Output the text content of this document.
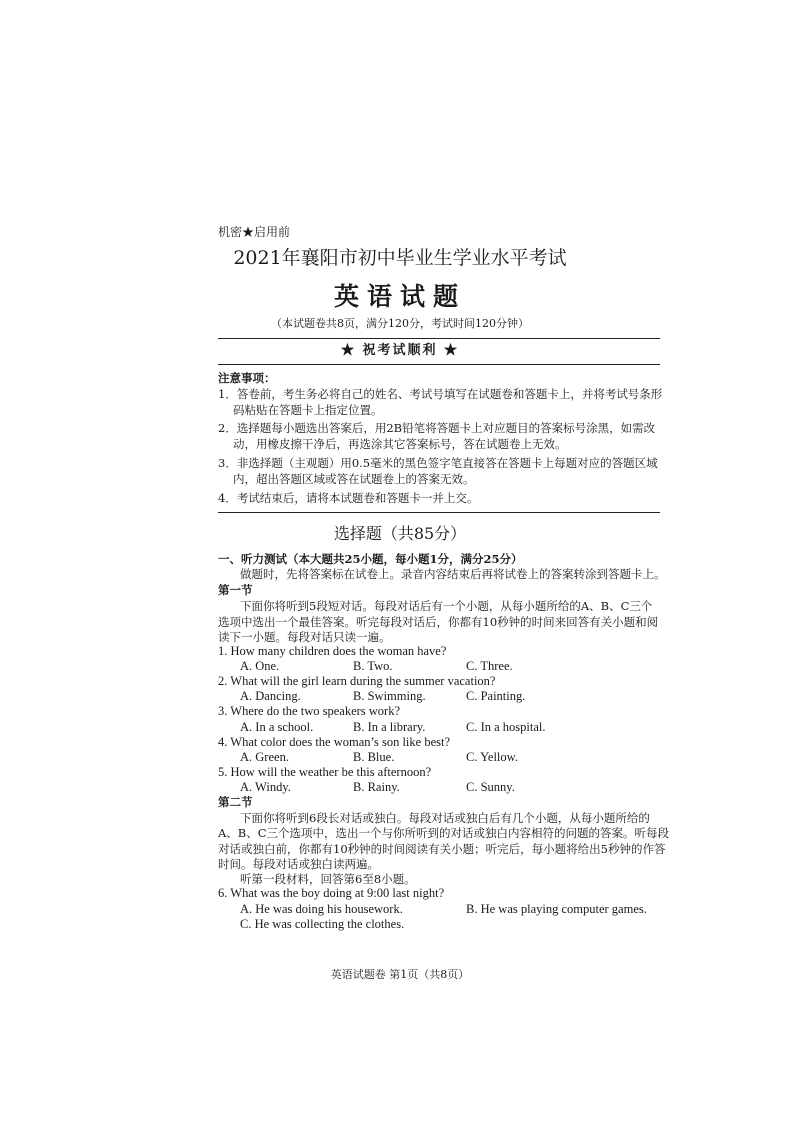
机密★启用前
2021年襄阳市初中毕业生学业水平考试
英语试题
（本试题卷共8页，满分120分，考试时间120分钟）
★ 祝考试顺利 ★
注意事项：
1．答卷前，考生务必将自己的姓名、考试号填写在试题卷和答题卡上，并将考试号条形
码粘贴在答题卡上指定位置。
2．选择题每小题选出答案后，用2B铅笔将答题卡上对应题目的答案标号涂黑，如需改
动，用橡皮擦干净后，再选涂其它答案标号，答在试题卷上无效。
3．非选择题（主观题）用0.5毫米的黑色签字笔直接答在答题卡上每题对应的答题区域
内，超出答题区域或答在试题卷上的答案无效。
4．考试结束后，请将本试题卷和答题卡一并上交。
选择题（共85分）
一、听力测试（本大题共25小题，每小题1分，满分25分）
做题时，先将答案标在试卷上。录音内容结束后再将试卷上的答案转涂到答题卡上。
第一节
下面你将听到5段短对话。每段对话后有一个小题，从每小题所给的A、B、C三个
选项中选出一个最佳答案。听完每段对话后，你都有10秒钟的时间来回答有关小题和阅
读下一小题。每段对话只读一遍。
1. How many children does the woman have?
A. One.	B. Two.	C. Three.
2. What will the girl learn during the summer vacation?
A. Dancing.	B. Swimming.	C. Painting.
3. Where do the two speakers work?
A. In a school.	B. In a library.	C. In a hospital.
4. What color does the woman’s son like best?
A. Green.	B. Blue.	C. Yellow.
5. How will the weather be this afternoon?
A. Windy.	B. Rainy.	C. Sunny.
第二节
下面你将听到6段长对话或独白。每段对话或独白后有几个小题，从每小题所给的
A、B、C三个选项中，选出一个与你所听到的对话或独白内容相符的问题的答案。听每段
对话或独白前，你都有10秒钟的时间阅读有关小题；听完后，每小题将给出5秒钟的作答
时间。每段对话或独白读两遍。
听第一段材料，回答第6至8小题。
6. What was the boy doing at 9:00 last night?
A. He was doing his housework.	B. He was playing computer games.
C. He was collecting the clothes.
英语试题卷 第1页（共8页）
